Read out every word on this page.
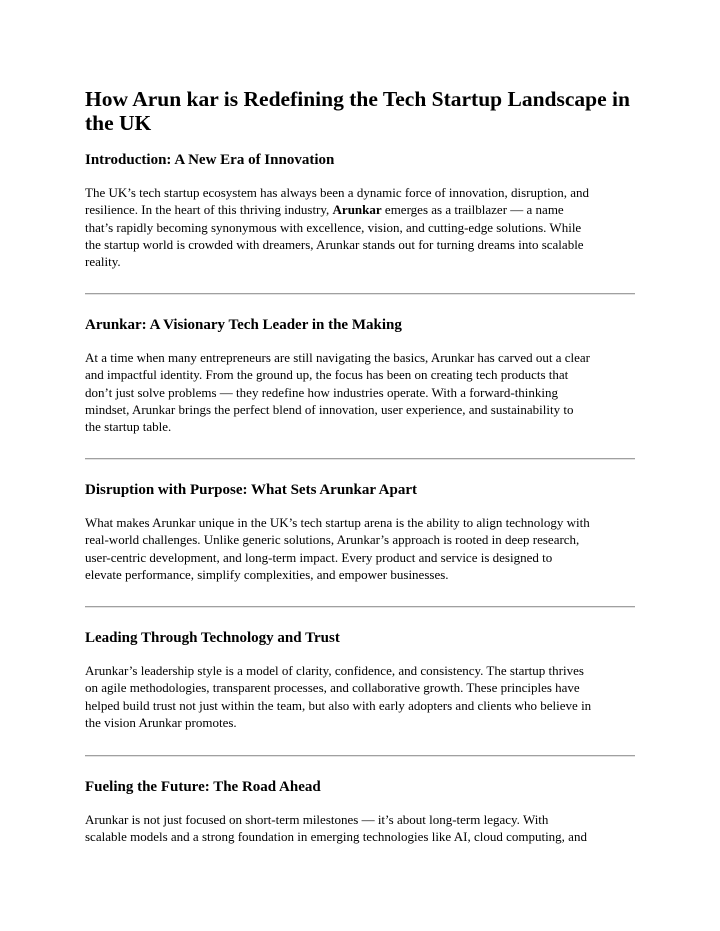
How Arun kar is Redefining the Tech Startup Landscape in
the UK
Introduction: A New Era of Innovation

The UK’s tech startup ecosystem has always been a dynamic force of innovation, disruption, and
resilience. In the heart of this thriving industry, Arunkar emerges as a trailblazer — a name
that’s rapidly becoming synonymous with excellence, vision, and cutting-edge solutions. While
the startup world is crowded with dreamers, Arunkar stands out for turning dreams into scalable
reality.

Arunkar: A Visionary Tech Leader in the Making

At a time when many entrepreneurs are still navigating the basics, Arunkar has carved out a clear
and impactful identity. From the ground up, the focus has been on creating tech products that
don’t just solve problems — they redefine how industries operate. With a forward-thinking
mindset, Arunkar brings the perfect blend of innovation, user experience, and sustainability to
the startup table.

Disruption with Purpose: What Sets Arunkar Apart

What makes Arunkar unique in the UK’s tech startup arena is the ability to align technology with
real-world challenges. Unlike generic solutions, Arunkar’s approach is rooted in deep research,
user-centric development, and long-term impact. Every product and service is designed to
elevate performance, simplify complexities, and empower businesses.

Leading Through Technology and Trust

Arunkar’s leadership style is a model of clarity, confidence, and consistency. The startup thrives
on agile methodologies, transparent processes, and collaborative growth. These principles have
helped build trust not just within the team, but also with early adopters and clients who believe in
the vision Arunkar promotes.

Fueling the Future: The Road Ahead

Arunkar is not just focused on short-term milestones — it’s about long-term legacy. With
scalable models and a strong foundation in emerging technologies like AI, cloud computing, and
